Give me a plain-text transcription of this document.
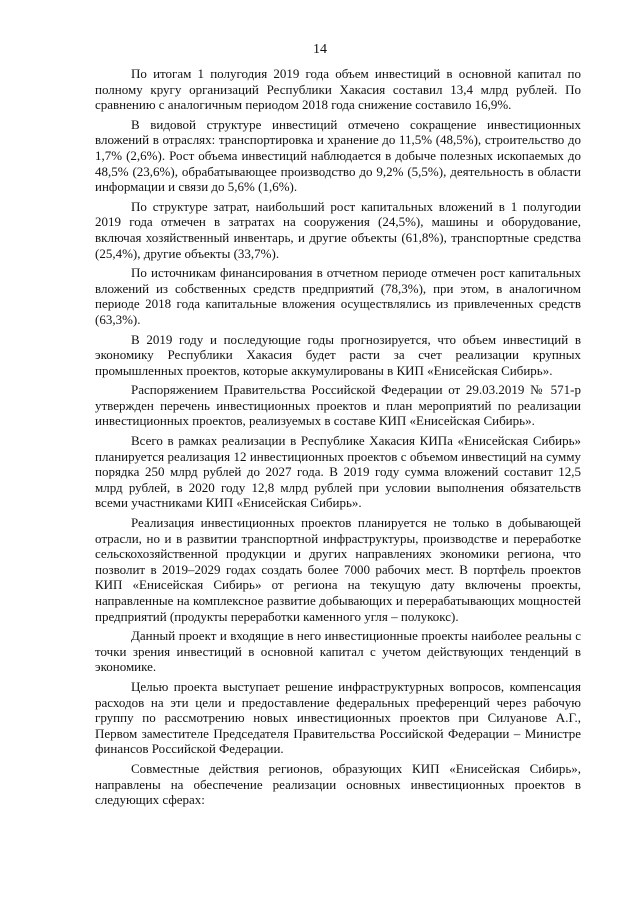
14

По итогам 1 полугодия 2019 года объем инвестиций в основной капитал по полному кругу организаций Республики Хакасия составил 13,4 млрд рублей. По сравнению с аналогичным периодом 2018 года снижение составило 16,9%.

В видовой структуре инвестиций отмечено сокращение инвестиционных вложений в отраслях: транспортировка и хранение до 11,5% (48,5%), строительство до 1,7% (2,6%). Рост объема инвестиций наблюдается в добыче полезных ископаемых до 48,5% (23,6%), обрабатывающее производство до 9,2% (5,5%), деятельность в области информации и связи до 5,6% (1,6%).

По структуре затрат, наибольший рост капитальных вложений в 1 полугодии 2019 года отмечен в затратах на сооружения (24,5%), машины и оборудование, включая хозяйственный инвентарь, и другие объекты (61,8%), транспортные средства (25,4%), другие объекты (33,7%).

По источникам финансирования в отчетном периоде отмечен рост капитальных вложений из собственных средств предприятий (78,3%), при этом, в аналогичном периоде 2018 года капитальные вложения осуществлялись из привлеченных средств (63,3%).

В 2019 году и последующие годы прогнозируется, что объем инвестиций в экономику Республики Хакасия будет расти за счет реализации крупных промышленных проектов, которые аккумулированы в КИП «Енисейская Сибирь».

Распоряжением Правительства Российской Федерации от 29.03.2019 № 571-р утвержден перечень инвестиционных проектов и план мероприятий по реализации инвестиционных проектов, реализуемых в составе КИП «Енисейская Сибирь».

Всего в рамках реализации в Республике Хакасия КИПа «Енисейская Сибирь» планируется реализация 12 инвестиционных проектов с объемом инвестиций на сумму порядка 250 млрд рублей до 2027 года. В 2019 году сумма вложений составит 12,5 млрд рублей, в 2020 году 12,8 млрд рублей при условии выполнения обязательств всеми участниками КИП «Енисейская Сибирь».

Реализация инвестиционных проектов планируется не только в добывающей отрасли, но и в развитии транспортной инфраструктуры, производстве и переработке сельскохозяйственной продукции и других направлениях экономики региона, что позволит в 2019–2029 годах создать более 7000 рабочих мест. В портфель проектов КИП «Енисейская Сибирь» от региона на текущую дату включены проекты, направленные на комплексное развитие добывающих и перерабатывающих мощностей предприятий (продукты переработки каменного угля – полукокс).

Данный проект и входящие в него инвестиционные проекты наиболее реальны с точки зрения инвестиций в основной капитал с учетом действующих тенденций в экономике.

Целью проекта выступает решение инфраструктурных вопросов, компенсация расходов на эти цели и предоставление федеральных преференций через рабочую группу по рассмотрению новых инвестиционных проектов при Силуанове А.Г., Первом заместителе Председателя Правительства Российской Федерации – Министре финансов Российской Федерации.

Совместные действия регионов, образующих КИП «Енисейская Сибирь», направлены на обеспечение реализации основных инвестиционных проектов в следующих сферах:
